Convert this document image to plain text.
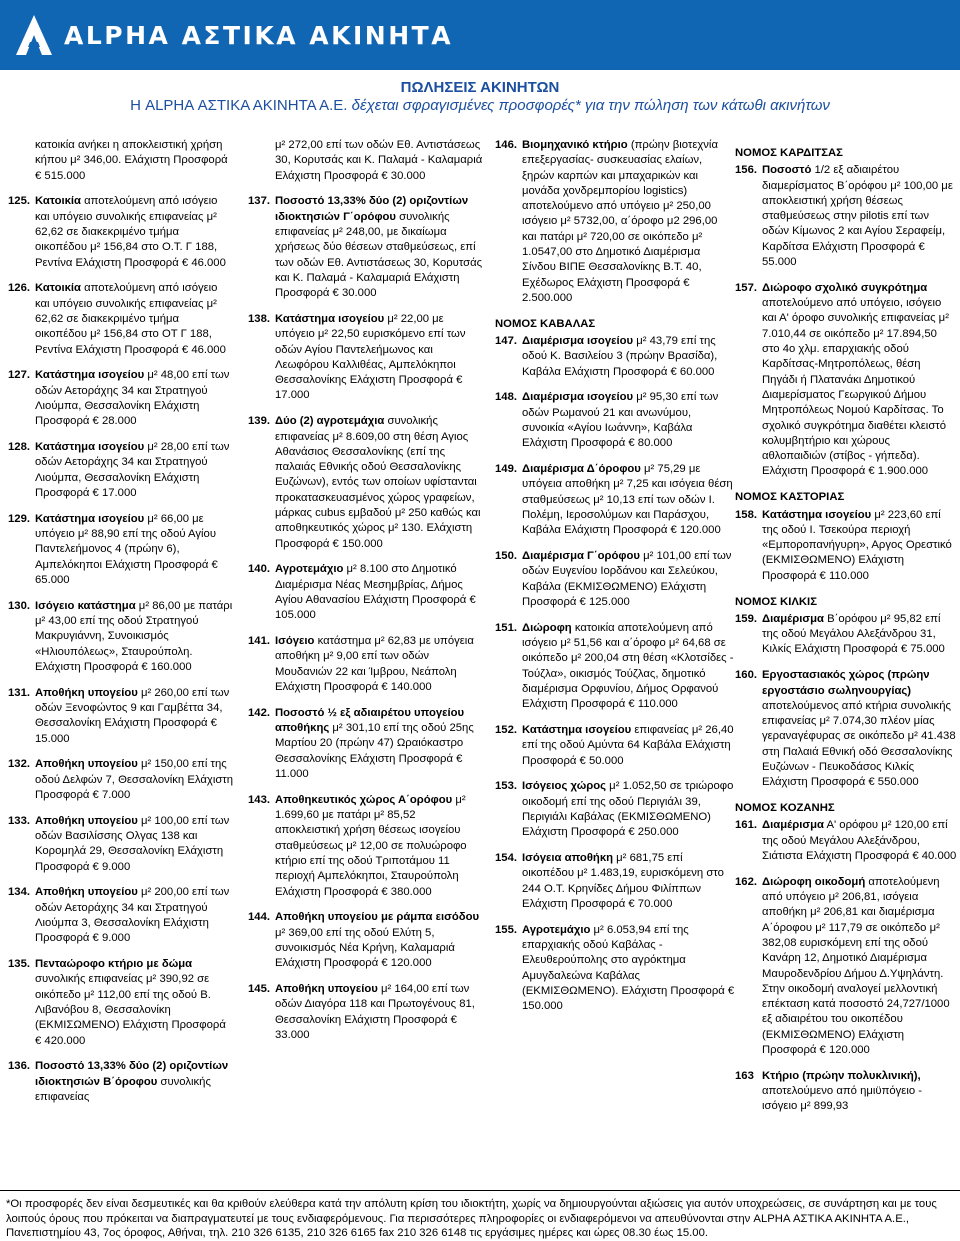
ΑLPHA ΑΣΤΙΚΑ ΑΚΙΝΗΤΑ
ΠΩΛΗΣΕΙΣ ΑΚΙΝΗΤΩΝ
Η ALPHA ΑΣΤΙΚΑ ΑΚΙΝΗΤΑ Α.Ε. δέχεται σφραγισμένες προσφορές* για την πώληση των κάτωθι ακινήτων
κατοικία ανήκει η αποκλειστική χρήση κήπου μ² 346,00. Ελάχιστη Προσφορά € 515.000
125. Κατοικία αποτελούμενη από ισόγειο και υπόγειο συνολικής επιφανείας μ² 62,62 σε διακεκριμένο τμήμα οικοπέδου μ² 156,84 στο Ο.Τ. Γ 188, Ρεντίνα Ελάχιστη Προσφορά € 46.000
126. Κατοικία αποτελούμενη από ισόγειο και υπόγειο συνολικής επιφανείας μ² 62,62 σε διακεκριμένο τμήμα οικοπέδου μ² 156,84 στο ΟΤ Γ 188, Ρεντίνα Ελάχιστη Προσφορά € 46.000
127. Κατάστημα ισογείου μ² 48,00 επί των οδών Αετοράχης 34 και Στρατηγού Λιούμπα, Θεσσαλονίκη Ελάχιστη Προσφορά € 28.000
128. Κατάστημα ισογείου μ² 28,00 επί των οδών Αετοράχης 34 και Στρατηγού Λιούμπα, Θεσσαλονίκη Ελάχιστη Προσφορά € 17.000
129. Κατάστημα ισογείου μ² 66,00 με υπόγειο μ² 88,90 επί της οδού Αγίου Παντελεήμονος 4 (πρώην 6), Αμπελόκηποι Ελάχιστη Προσφορά € 65.000
130. Ισόγειο κατάστημα μ² 86,00 με πατάρι μ² 43,00 επί της οδού Στρατηγού Μακρυγιάννη, Συνοικισμός «Ηλιουπόλεως», Σταυρούπολη. Ελάχιστη Προσφορά € 160.000
131. Αποθήκη υπογείου μ² 260,00 επί των οδών Ξενοφώντος 9 και Γαμβέττα 34, Θεσσαλονίκη Ελάχιστη Προσφορά € 15.000
132. Αποθήκη υπογείου μ² 150,00 επί της οδού Δελφών 7, Θεσσαλονίκη Ελάχιστη Προσφορά € 7.000
133. Αποθήκη υπογείου μ² 100,00 επί των οδών Βασιλίσσης Ολγας 138 και Κορομηλά 29, Θεσσαλονίκη Ελάχιστη Προσφορά € 9.000
134. Αποθήκη υπογείου μ² 200,00 επί των οδών Αετοράχης 34 και Στρατηγού Λιούμπα 3, Θεσσαλονίκη Ελάχιστη Προσφορά € 9.000
135. Πενταώροφο κτήριο με δώμα συνολικής επιφανείας μ² 390,92 σε οικόπεδο μ² 112,00 επί της οδού Β. Λιβανόβου 8, Θεσσαλονίκη (ΕΚΜΙΣΩΜΕΝΟ) Ελάχιστη Προσφορά € 420.000
136. Ποσοστό 13,33% δύο (2) οριζοντίων ιδιοκτησιών Β΄όροφου συνολικής επιφανείας
μ² 272,00 επί των οδών Εθ. Αντιστάσεως 30, Κορυτσάς και Κ. Παλαμά - Καλαμαριά Ελάχιστη Προσφορά € 30.000
137. Ποσοστό 13,33% δύο (2) οριζοντίων ιδιοκτησιών Γ΄ορόφου συνολικής επιφανείας μ² 248,00, με δικαίωμα χρήσεως δύο θέσεων σταθμεύσεως, επί των οδών Εθ. Αντιστάσεως 30, Κορυτσάς και Κ. Παλαμά - Καλαμαριά Ελάχιστη Προσφορά € 30.000
138. Κατάστημα ισογείου μ² 22,00 με υπόγειο μ² 22,50 ευρισκόμενο επί των οδών Αγίου Παντελεήμωνος και Λεωφόρου Καλλιθέας, Αμπελόκηποι Θεσσαλονίκης Ελάχιστη Προσφορά € 17.000
139. Δύο (2) αγροτεμάχια συνολικής επιφανείας μ² 8.609,00 στη θέση Αγιος Αθανάσιος Θεσσαλονίκης (επί της παλαιάς Εθνικής οδού Θεσσαλονίκης Ευζώνων), εντός των οποίων υφίστανται προκατασκευασμένος χώρος γραφείων, μάρκας cubus εμβαδού μ² 250 καθώς και αποθηκευτικός χώρος μ² 130. Ελάχιστη Προσφορά € 150.000
140. Αγροτεμάχιο μ² 8.100 στο Δημοτικό Διαμέρισμα Νέας Μεσημβρίας, Δήμος Αγίου Αθανασίου Ελάχιστη Προσφορά € 105.000
141. Ισόγειο κατάστημα μ² 62,83 με υπόγεια αποθήκη μ² 9,00 επί των οδών Μουδανιών 22 και Ίμβρου, Νεάπολη Ελάχιστη Προσφορά € 140.000
142. Ποσοστό ½ εξ αδιαιρέτου υπογείου αποθήκης μ² 301,10 επί της οδού 25ης Μαρτίου 20 (πρώην 47) Ωραιόκαστρο Θεσσαλονίκης Ελάχιστη Προσφορά € 11.000
143. Αποθηκευτικός χώρος Α΄ορόφου μ² 1.699,60 με πατάρι μ² 85,52 αποκλειστική χρήση θέσεως ισογείου σταθμεύσεως μ² 12,00 σε πολυώροφο κτήριο επί της οδού Τριποτάμου 11 περιοχή Αμπελόκηποι, Σταυρούπολη Ελάχιστη Προσφορά € 380.000
144. Αποθήκη υπογείου με ράμπα εισόδου μ² 369,00 επί της οδού Ελύτη 5, συνοικισμός Νέα Κρήνη, Καλαμαριά Ελάχιστη Προσφορά € 120.000
145. Αποθήκη υπογείου μ² 164,00 επί των οδών Διαγόρα 118 και Πρωτογένους 81, Θεσσαλονίκη Ελάχιστη Προσφορά € 33.000
146. Βιομηχανικό κτήριο (πρώην βιοτεχνία επεξεργασίας- συσκευασίας ελαίων, ξηρών καρπών και μπαχαρικών και μονάδα χονδρεμπορίου logistics) αποτελούμενο από υπόγειο μ² 250,00 ισόγειο μ² 5732,00, α΄όροφο μ2 296,00 και πατάρι μ² 720,00 σε οικόπεδο μ² 1.0547,00 στο Δημοτικό Διαμέρισμα Σίνδου ΒΙΠΕ Θεσσαλονίκης Β.Τ. 40, Εχέδωρος Ελάχιστη Προσφορά € 2.500.000
ΝΟΜΟΣ ΚΑΒΑΛΑΣ
147. Διαμέρισμα ισογείου μ² 43,79 επί της οδού Κ. Βασιλείου 3 (πρώην Βρασίδα), Καβάλα Ελάχιστη Προσφορά € 60.000
148. Διαμέρισμα ισογείου μ² 95,30 επί των οδών Ρωμανού 21 και ανωνύμου, συνοικία «Αγίου Ιωάννη», Καβάλα Ελάχιστη Προσφορά € 80.000
149. Διαμέρισμα Δ΄όροφου μ² 75,29 με υπόγεια αποθήκη μ² 7,25 και ισόγεια θέση σταθμεύσεως μ² 10,13 επί των οδών Ι. Πολέμη, Ιεροσολύμων και Παράσχου, Καβάλα Ελάχιστη Προσφορά € 120.000
150. Διαμέρισμα Γ΄ορόφου μ² 101,00 επί των οδών Ευγενίου Ιορδάνου και Σελεύκου, Καβάλα (ΕΚΜΙΣΘΩΜΕΝΟ) Ελάχιστη Προσφορά € 125.000
151. Διώροφη κατοικία αποτελούμενη από ισόγειο μ² 51,56 και α΄όροφο μ² 64,68 σε οικόπεδο μ² 200,04 στη θέση «Κλοτσίδες - Τούζλα», οικισμός Τούζλας, δημοτικό διαμέρισμα Ορφυνίου, Δήμος Ορφανού Ελάχιστη Προσφορά € 110.000
152. Κατάστημα ισογείου επιφανείας μ² 26,40 επί της οδού Αμύντα 64 Καβάλα Ελάχιστη Προσφορά € 50.000
153. Ισόγειος χώρος μ² 1.052,50 σε τριώροφο οικοδομή επί της οδού Περιγιάλι 39, Περιγιάλι Καβάλας (ΕΚΜΙΣΘΩΜΕΝΟ) Ελάχιστη Προσφορά € 250.000
154. Ισόγεια αποθήκη μ² 681,75 επί οικοπέδου μ² 1.483,19, ευρισκόμενη στο 244 Ο.Τ. Κρηνίδες Δήμου Φιλίππων Ελάχιστη Προσφορά € 70.000
155. Αγροτεμάχιο μ² 6.053,94 επί της επαρχιακής οδού Καβάλας - Ελευθερούπολης στο αγρόκτημα Αμυγδαλεώνα Καβάλας (ΕΚΜΙΣΘΩΜΕΝΟ). Ελάχιστη Προσφορά € 150.000
ΝΟΜΟΣ ΚΑΡΔΙΤΣΑΣ
156. Ποσοστό 1/2 εξ αδιαιρέτου διαμερίσματος Β΄ορόφου μ² 100,00 με αποκλειστική χρήση θέσεως σταθμεύσεως στην pilotis επί των οδών Κίμωνος 2 και Αγίου Σεραφείμ, Καρδίτσα Ελάχιστη Προσφορά € 55.000
157. Διώροφο σχολικό συγκρότημα αποτελούμενο από υπόγειο, ισόγειο και Α' όροφο συνολικής επιφανείας μ² 7.010,44 σε οικόπεδο μ² 17.894,50 στο 4ο χλμ. επαρχιακής οδού Καρδίτσας-Μητροπόλεως, θέση Πηγάδι ή Πλατανάκι Δημοτικού Διαμερίσματος Γεωργικού Δήμου Μητροπόλεως Νομού Καρδίτσας. Το σχολικό συγκρότημα διαθέτει κλειστό κολυμβητήριο και χώρους αθλοπαιδιών (στίβος - γήπεδα). Ελάχιστη Προσφορά € 1.900.000
ΝΟΜΟΣ ΚΑΣΤΟΡΙΑΣ
158. Κατάστημα ισογείου μ² 223,60 επί της οδού Ι. Τσεκούρα περιοχή «Εμποροπανήγυρη», Αργος Ορεστικό (ΕΚΜΙΣΘΩΜΕΝΟ) Ελάχιστη Προσφορά € 110.000
ΝΟΜΟΣ ΚΙΛΚΙΣ
159. Διαμέρισμα Β΄ορόφου μ² 95,82 επί της οδού Μεγάλου Αλεξάνδρου 31, Κιλκίς Ελάχιστη Προσφορά € 75.000
160. Εργοστασιακός χώρος (πρώην εργοστάσιο σωληνουργίας) αποτελούμενος από κτήρια συνολικής επιφανείας μ² 7.074,30 πλέον μίας γεραναγέφυρας σε οικόπεδο μ² 41.438 στη Παλαιά Εθνική οδό Θεσσαλονίκης Ευζώνων - Πευκοδάσος Κιλκίς Ελάχιστη Προσφορά € 550.000
ΝΟΜΟΣ ΚΟΖΑΝΗΣ
161. Διαμέρισμα Α' ορόφου μ² 120,00 επί της οδού Μεγάλου Αλεξάνδρου, Σιάτιστα Ελάχιστη Προσφορά € 40.000
162. Διώροφη οικοδομή αποτελούμενη από υπόγειο μ² 206,81, ισόγεια αποθήκη μ² 206,81 και διαμέρισμα Α΄όροφου μ² 117,79 σε οικόπεδο μ² 382,08 ευρισκόμενη επί της οδού Κανάρη 12, Δημοτικό Διαμέρισμα Μαυροδενδρίου Δήμου Δ.Υψηλάντη. Στην οικοδομή αναλογεί μελλοντική επέκταση κατά ποσοστό 24,727/1000 εξ αδιαιρέτου του οικοπέδου (ΕΚΜΙΣΘΩΜΕΝΟ) Ελάχιστη Προσφορά € 120.000
163 Κτήριο (πρώην πολυκλινική), αποτελούμενο από ημιϋπόγειο - ισόγειο μ² 899,93
*Οι προσφορές δεν είναι δεσμευτικές και θα κριθούν ελεύθερα κατά την απόλυτη κρίση του ιδιοκτήτη, χωρίς να δημιουργούνται αξιώσεις για αυτόν υποχρεώσεις, σε συνάρτηση και με τους λοιπούς όρους που πρόκειται να διαπραγματευτεί με τους ενδιαφερόμενους. Για περισσότερες πληροφορίες οι ενδιαφερόμενοι να απευθύνονται στην ALPHA ΑΣΤΙΚΑ ΑΚΙΝΗΤΑ Α.Ε., Πανεπιστημίου 43, 7ος όροφος, Αθήναι, τηλ. 210 326 6135, 210 326 6165 fax 210 326 6148 τις εργάσιμες ημέρες και ώρες 08.30 έως 15.00.
